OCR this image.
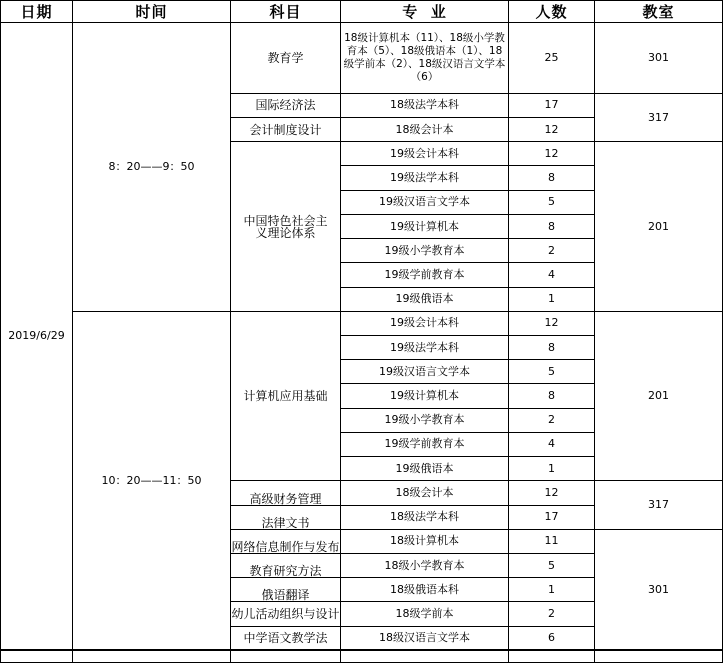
日期	时间	科目	专  业	人数	教室
2019/6/29	8：20——9：50	教育学	18级计算机本（11）、18级小学教育本（5）、18级俄语本（1）、18级学前本（2）、18级汉语言文学本（6）	25	301
		国际经济法	18级法学本科	17	317
		会计制度设计	18级会计本	12	
		中国特色社会主义理论体系	19级会计本科	12	201
			19级法学本科	8	
			19级汉语言文学本	5	
			19级计算机本	8	
			19级小学教育本	2	
			19级学前教育本	4	
			19级俄语本	1	
	10：20——11：50	计算机应用基础	19级会计本科	12	201
			19级法学本科	8	
			19级汉语言文学本	5	
			19级计算机本	8	
			19级小学教育本	2	
			19级学前教育本	4	
			19级俄语本	1	
		高级财务管理	18级会计本	12	317
		法律文书	18级法学本科	17	
		网络信息制作与发布	18级计算机本	11	301
		教育研究方法	18级小学教育本	5	
		俄语翻译	18级俄语本科	1	
		幼儿活动组织与设计	18级学前本	2	
		中学语文教学法	18级汉语言文学本	6	
